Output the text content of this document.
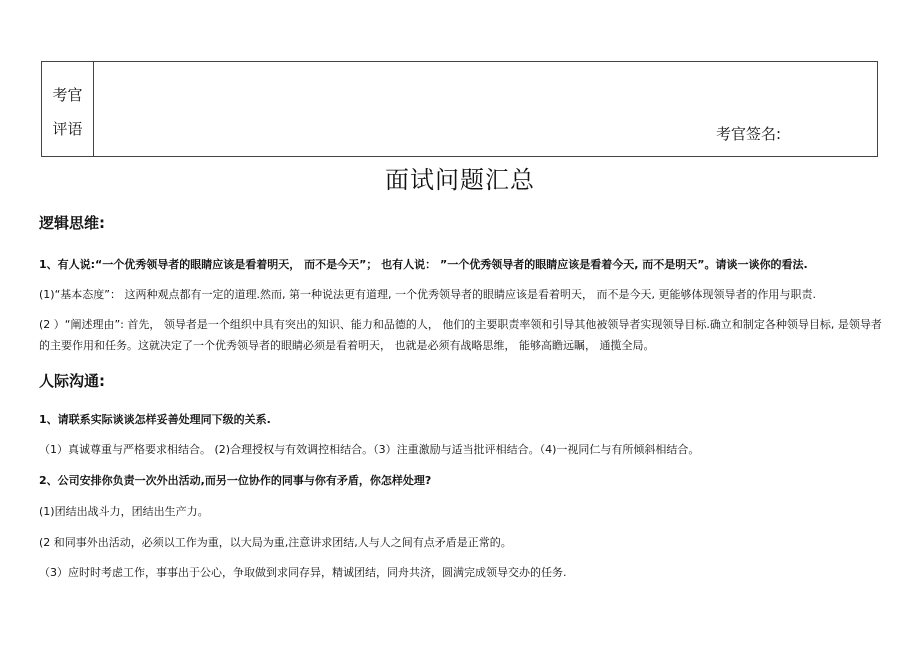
考官
评语	考官签名:
面试问题汇总
逻辑思维:
1、有人说:“一个优秀领导者的眼睛应该是看着明天， 而不是今天”； 也有人说： ”一个优秀领导者的眼睛应该是看着今天, 而不是明天”。请谈一谈你的看法.
(1)“基本态度”： 这两种观点都有一定的道理.然而, 第一种说法更有道理, 一个优秀领导者的眼睛应该是看着明天， 而不是今天, 更能够体现领导者的作用与职责.
(2 ）“阐述理由”: 首先， 领导者是一个组织中具有突出的知识、能力和品德的人， 他们的主要职责率领和引导其他被领导者实现领导目标.确立和制定各种领导目标, 是领导者的主要作用和任务。这就决定了一个优秀领导者的眼睛必须是看着明天， 也就是必须有战略思维， 能够高瞻远瞩， 通揽全局。
人际沟通:
1、请联系实际谈谈怎样妥善处理同下级的关系.
（1）真诚尊重与严格要求相结合。 (2)合理授权与有效调控相结合。（3）注重激励与适当批评相结合。（4)一视同仁与有所倾斜相结合。
2、公司安排你负责一次外出活动,而另一位协作的同事与你有矛盾，你怎样处理?
(1)团结出战斗力，团结出生产力。
(2 和同事外出活动，必须以工作为重，以大局为重,注意讲求团结,人与人之间有点矛盾是正常的。
（3）应时时考虑工作，事事出于公心，争取做到求同存异，精诚团结，同舟共济，圆满完成领导交办的任务.
